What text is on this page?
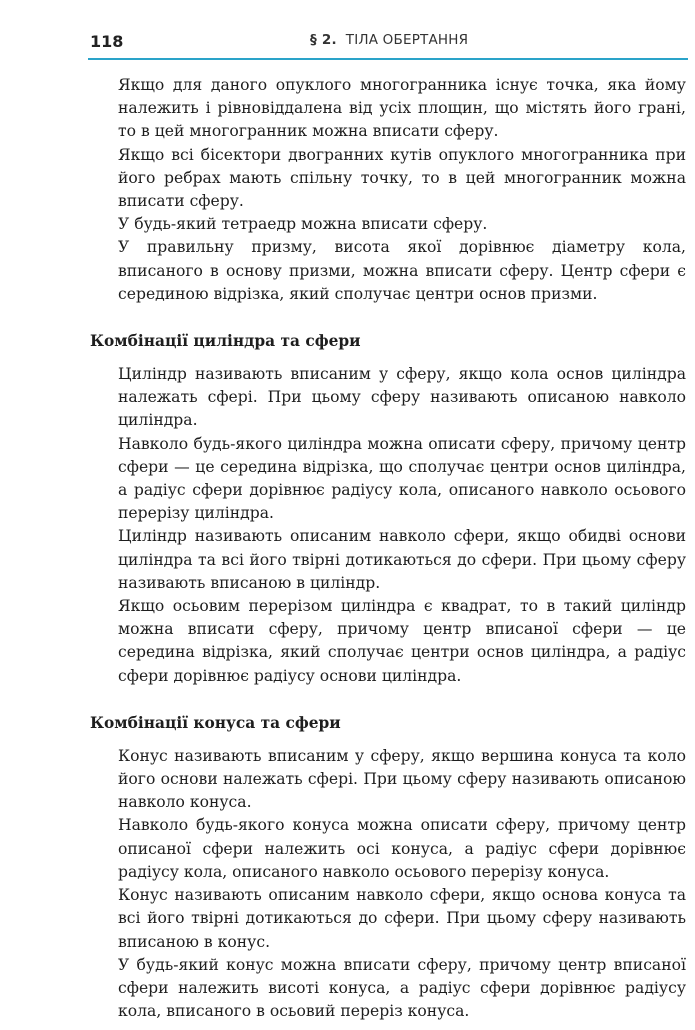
118	§ 2. ТІЛА ОБЕРТАННЯ

Якщо для даного опуклого многогранника існує точка, яка йому належить і рівновіддалена від усіх площин, що містять його грані, то в цей многогранник можна вписати сферу.

Якщо всі бісектори двогранних кутів опуклого многогранника при його ребрах мають спільну точку, то в цей многогранник можна вписати сферу.

У будь-який тетраедр можна вписати сферу.

У правильну призму, висота якої дорівнює діаметру кола, вписаного в основу призми, можна вписати сферу. Центр сфери є серединою відрізка, який сполучає центри основ призми.

Комбінації циліндра та сфери

Циліндр називають вписаним у сферу, якщо кола основ циліндра належать сфері. При цьому сферу називають описаною навколо циліндра.

Навколо будь-якого циліндра можна описати сферу, причому центр сфери — це середина відрізка, що сполучає центри основ циліндра, а радіус сфери дорівнює радіусу кола, описаного навколо осьового перерізу циліндра.

Циліндр називають описаним навколо сфери, якщо обидві основи циліндра та всі його твірні дотикаються до сфери. При цьому сферу називають вписаною в циліндр.

Якщо осьовим перерізом циліндра є квадрат, то в такий циліндр можна вписати сферу, причому центр вписаної сфери — це середина відрізка, який сполучає центри основ циліндра, а радіус сфери дорівнює радіусу основи циліндра.

Комбінації конуса та сфери

Конус називають вписаним у сферу, якщо вершина конуса та коло його основи належать сфері. При цьому сферу називають описаною навколо конуса.

Навколо будь-якого конуса можна описати сферу, причому центр описаної сфери належить осі конуса, а радіус сфери дорівнює радіусу кола, описаного навколо осьового перерізу конуса.

Конус називають описаним навколо сфери, якщо основа конуса та всі його твірні дотикаються до сфери. При цьому сферу називають вписаною в конус.

У будь-який конус можна вписати сферу, причому центр вписаної сфери належить висоті конуса, а радіус сфери дорівнює радіусу кола, вписаного в осьовий переріз конуса.
